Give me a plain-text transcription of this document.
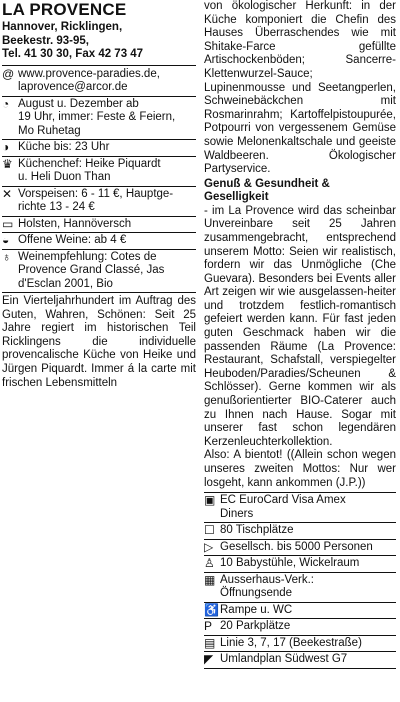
LA PROVENCE
Hannover, Ricklingen,
Beekestr. 93-95,
Tel. 41 30 30, Fax 42 73 47
@ www.provence-paradies.de,
laprovence@arcor.de
◔ August u. Dezember ab
19 Uhr, immer: Feste & Feiern,
Mo Ruhetag
◑ Küche bis: 23 Uhr
♛ Küchenchef: Heike Piquardt
u. Heli Duon Than
✕ Vorspeisen: 6 - 11 €, Hauptge-
richte 13 - 24 €
▭ Holsten, Hannöversch
◒ Offene Weine: ab 4 €
♁ Weinempfehlung: Cotes de
Provence Grand Classé, Jas
d'Esclan 2001, Bio
Ein Vierteljahrhundert im Auftrag des Guten, Wahren, Schönen: Seit 25 Jahre regiert im historischen Teil Ricklingens die individuelle provencalische Küche von Heike und Jürgen Piquardt. Immer á la carte mit frischen Lebensmitteln

von ökologischer Herkunft: in der Küche komponiert die Chefin des Hauses Überraschendes wie mit Shitake-Farce gefüllte Artischockenböden; Sancerre-Klettenwurzel-Sauce; Lupinenmousse und Seetangperlen, Schweinebäckchen mit Rosmarinrahm; Kartoffelpistoupurée, Potpourri von vergessenem Gemüse sowie Melonenkaltschale und geeiste Waldbeeren. Ökologischer Partyservice.

Genuß & Gesundheit & Geselligkeit

- im La Provence wird das scheinbar Unvereinbare seit 25 Jahren zusammengebracht, entsprechend unserem Motto: Seien wir realistisch, fordern wir das Unmögliche (Che Guevara). Besonders bei Events aller Art zeigen wir wie ausgelassen-heiter und trotzdem festlich-romantisch gefeiert werden kann. Für fast jeden guten Geschmack haben wir die passenden Räume (La Provence: Restaurant, Schafstall, verspiegelter Heuboden/Paradies/Scheunen & Schlösser). Gerne kommen wir als genußorientierter BIO-Caterer auch zu Ihnen nach Hause. Sogar mit unserer fast schon legendären Kerzenleuchterkollektion.

Also: A bientot! ((Allein schon wegen unseres zweiten Mottos: Nur wer losgeht, kann ankommen (J.P.))

▣ EC EuroCard Visa Amex
Diners
☐ 80 Tischplätze
▷ Gesellsch. bis 5000 Personen
♙ 10 Babystühle, Wickelraum
▦ Ausserhaus-Verk.:
Öffnungsende
♿ Rampe u. WC
P 20 Parkplätze
▤ Linie 3, 7, 17 (Beekestraße)
◤ Umlandplan Südwest G7
